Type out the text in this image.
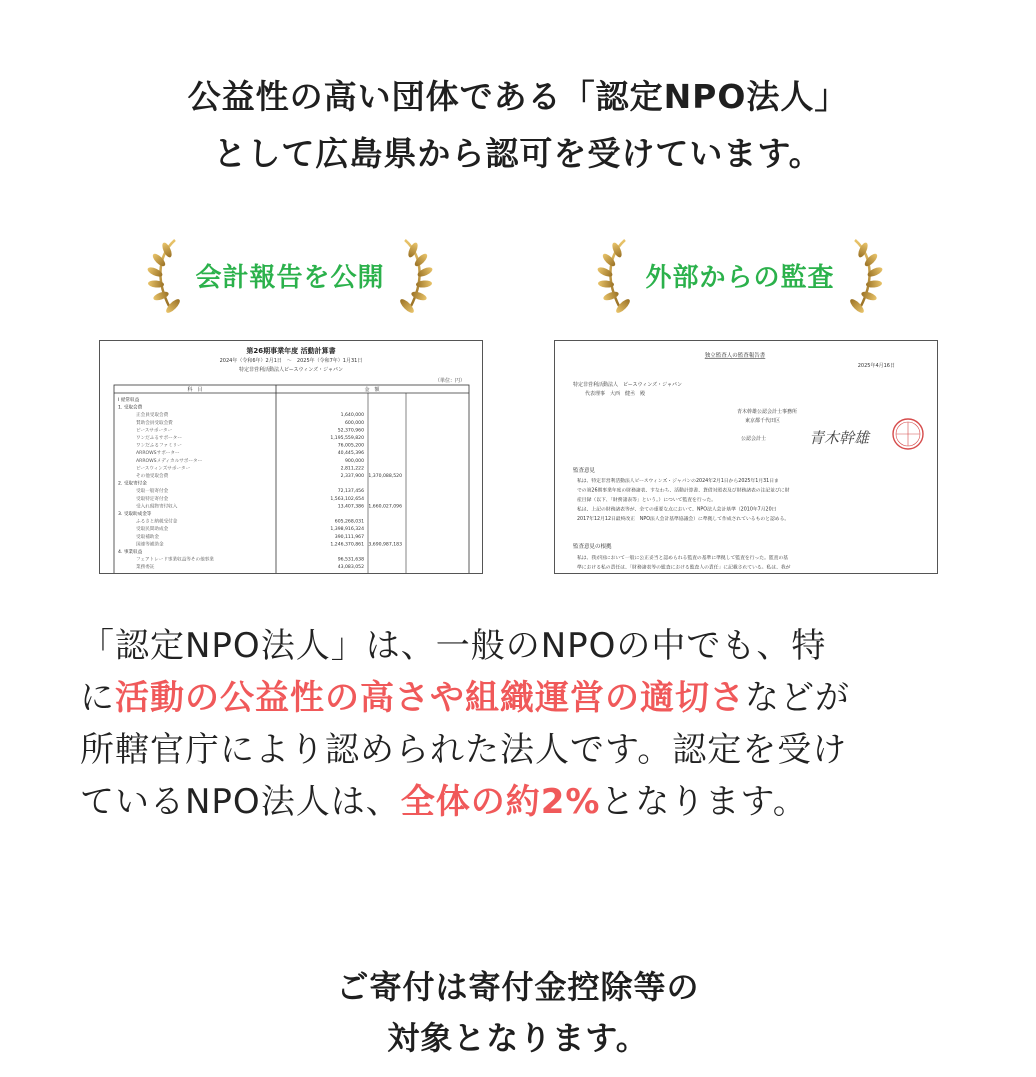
公益性の高い団体である「認定NPO法人」
として広島県から認可を受けています。
会計報告を公開	外部からの監査
第26期事業年度 活動計算書
2024年（令和6年）2月1日　～　2025年（令和7年）1月31日
特定非営利活動法人ピースウィンズ・ジャパン
（単位：円）
科　目	金　額
Ⅰ 経常収益
1. 受取会費
正会員受取会費	1,640,000
賛助会員受取会費	600,000
ピースサポーター	52,370,960
ワンだふるサポーター	1,195,559,820
ワンだふるファミリー	76,005,200
ARROWSサポーター	40,445,396
ARROWSメディカルサポーター	900,000
ピースウィンズサポーター	2,811,222
その他受取会費	2,337,900 1,370,088,520
2. 受取寄付金
受取一般寄付金	72,137,456
受取特定寄付金	1,563,102,654
受入れ現物寄付収入	13,407,386 1,660,027,096
3. 受取助成金等
ふるさと納税受付金	605,268,031
受取民間助成金	1,398,916,324
受取補助金	390,111,967
国連等補助金	1,246,370,861 3,690,987,183
4. 事業収益
フェアトレード事業収益等その他事業	96,531,638
業務委託	43,083,052
独立監査人の監査報告書
2025年4月16日
特定非営利活動法人　ピースウィンズ・ジャパン
代表理事　大西　健丞　殿
青木幹雄公認会計士事務所
東京都千代田区
公認会計士	青木幹雄
監査意見
私は、特定非営利活動法人ピースウィンズ・ジャパンの2024年2月1日から2025年1月31日ま
での第26期事業年度の財務諸表、すなわち、活動計算書、貸借対照表及び財務諸表の注記並びに財
産目録（以下、「財務諸表等」という。）について監査を行った。
私は、上記の財務諸表等が、全ての重要な点において、NPO法人会計基準（2010年7月20日
2017年12月12日最終改正　NPO法人会計基準協議会）に準拠して作成されているものと認める。
監査意見の根拠
私は、我が国において一般に公正妥当と認められる監査の基準に準拠して監査を行った。監査の基
準における私の責任は、「財務諸表等の監査における監査人の責任」に記載されている。私は、我が
「認定NPO法人」は、一般のNPOの中でも、特
に活動の公益性の高さや組織運営の適切さなどが
所轄官庁により認められた法人です。認定を受け
ているNPO法人は、全体の約2%となります。
ご寄付は寄付金控除等の
対象となります。
